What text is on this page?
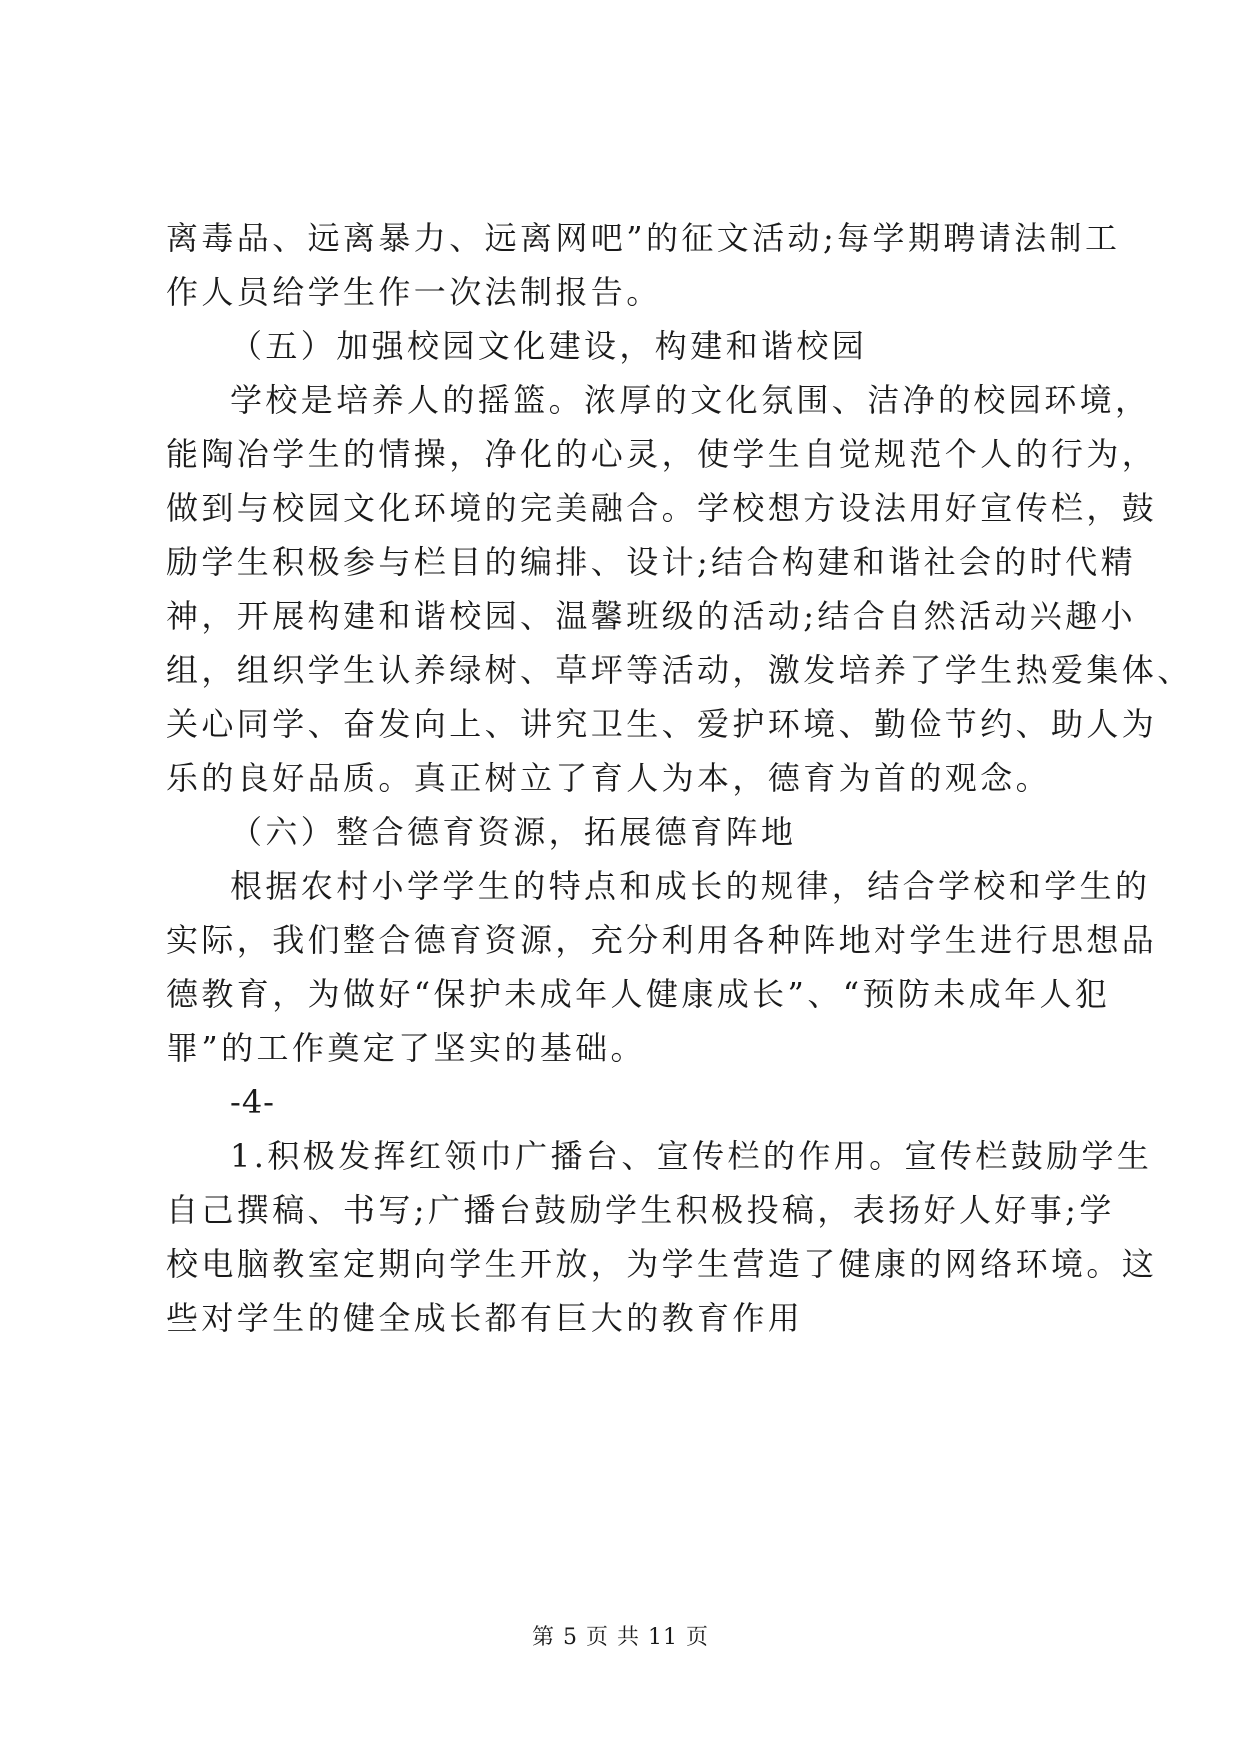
离毒品、远离暴力、远离网吧”的征文活动;每学期聘请法制工
作人员给学生作一次法制报告。
（五）加强校园文化建设，构建和谐校园
学校是培养人的摇篮。浓厚的文化氛围、洁净的校园环境，
能陶冶学生的情操，净化的心灵，使学生自觉规范个人的行为，
做到与校园文化环境的完美融合。学校想方设法用好宣传栏，鼓
励学生积极参与栏目的编排、设计;结合构建和谐社会的时代精
神，开展构建和谐校园、温馨班级的活动;结合自然活动兴趣小
组，组织学生认养绿树、草坪等活动，激发培养了学生热爱集体、
关心同学、奋发向上、讲究卫生、爱护环境、勤俭节约、助人为
乐的良好品质。真正树立了育人为本，德育为首的观念。
（六）整合德育资源，拓展德育阵地
根据农村小学学生的特点和成长的规律，结合学校和学生的
实际，我们整合德育资源，充分利用各种阵地对学生进行思想品
德教育，为做好“保护未成年人健康成长”、“预防未成年人犯
罪”的工作奠定了坚实的基础。
-4-
1.积极发挥红领巾广播台、宣传栏的作用。宣传栏鼓励学生
自己撰稿、书写;广播台鼓励学生积极投稿，表扬好人好事;学
校电脑教室定期向学生开放，为学生营造了健康的网络环境。这
些对学生的健全成长都有巨大的教育作用
第 5 页 共 11 页
